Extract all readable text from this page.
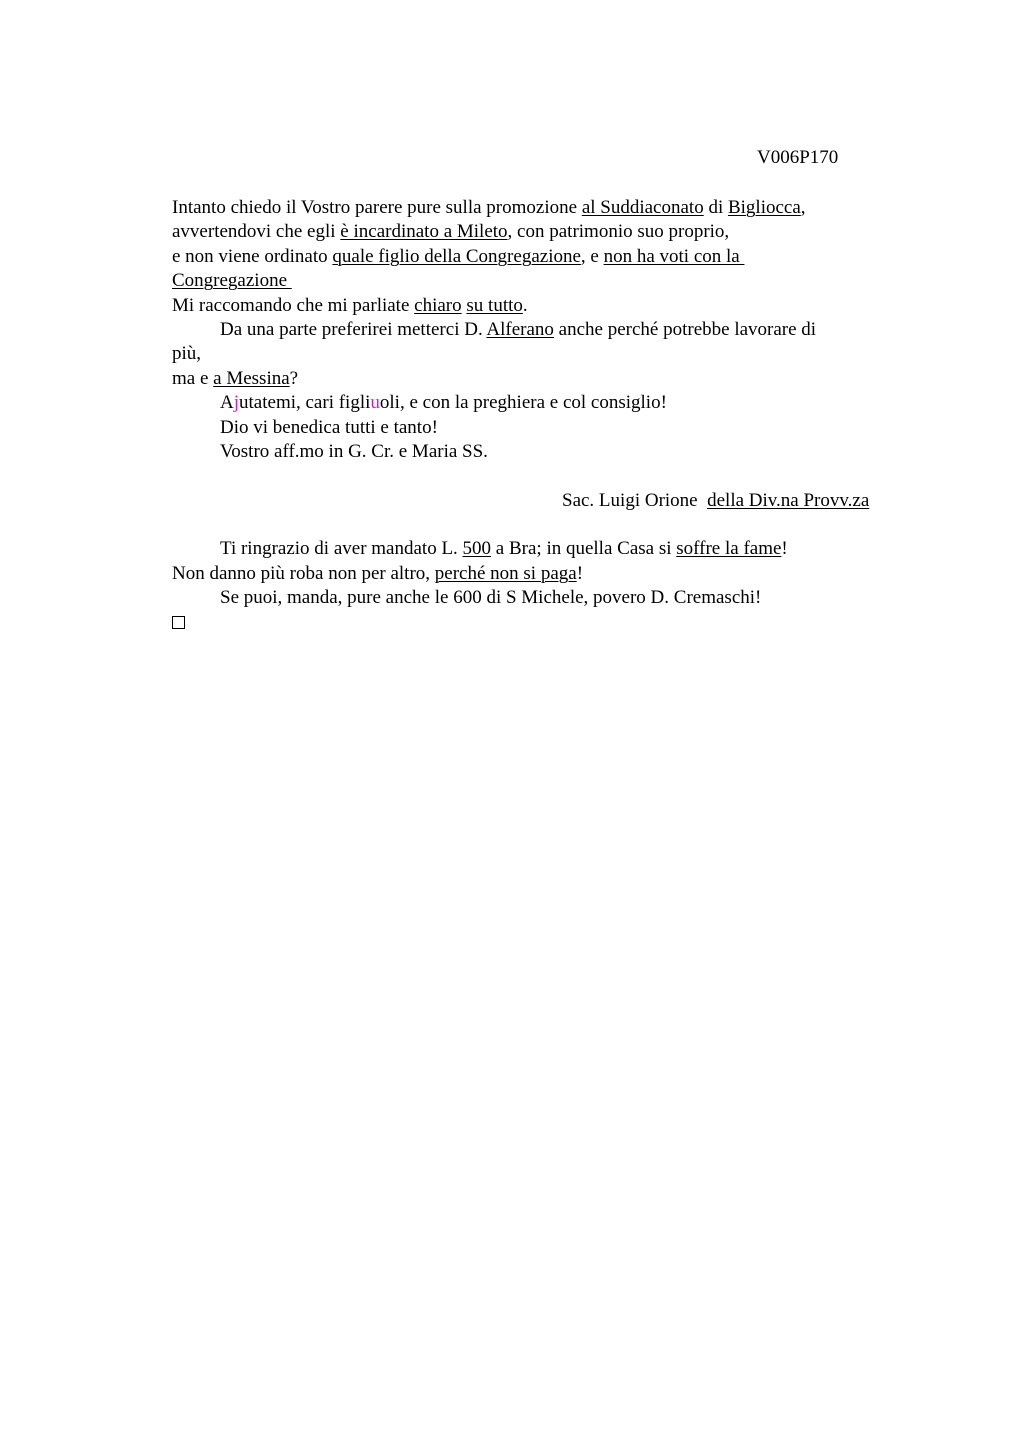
V006P170
Intanto chiedo il Vostro parere pure sulla promozione al Suddiaconato di Bigliocca,
avvertendovi che egli è incardinato a Mileto, con patrimonio suo proprio,
e non viene ordinato quale figlio della Congregazione, e non ha voti con la
Congregazione
Mi raccomando che mi parliate chiaro su tutto.
Da una parte preferirei metterci D. Alferano anche perché potrebbe lavorare di
più,
ma e a Messina?
Ajutatemi, cari figliuoli, e con la preghiera e col consiglio!
Dio vi benedica tutti e tanto!
Vostro aff.mo in G. Cr. e Maria SS.
Sac. Luigi Orione  della Div.na Provv.za
Ti ringrazio di aver mandato L. 500 a Bra; in quella Casa si soffre la fame!
Non danno più roba non per altro, perché non si paga!
Se puoi, manda, pure anche le 600 di S Michele, povero D. Cremaschi!
